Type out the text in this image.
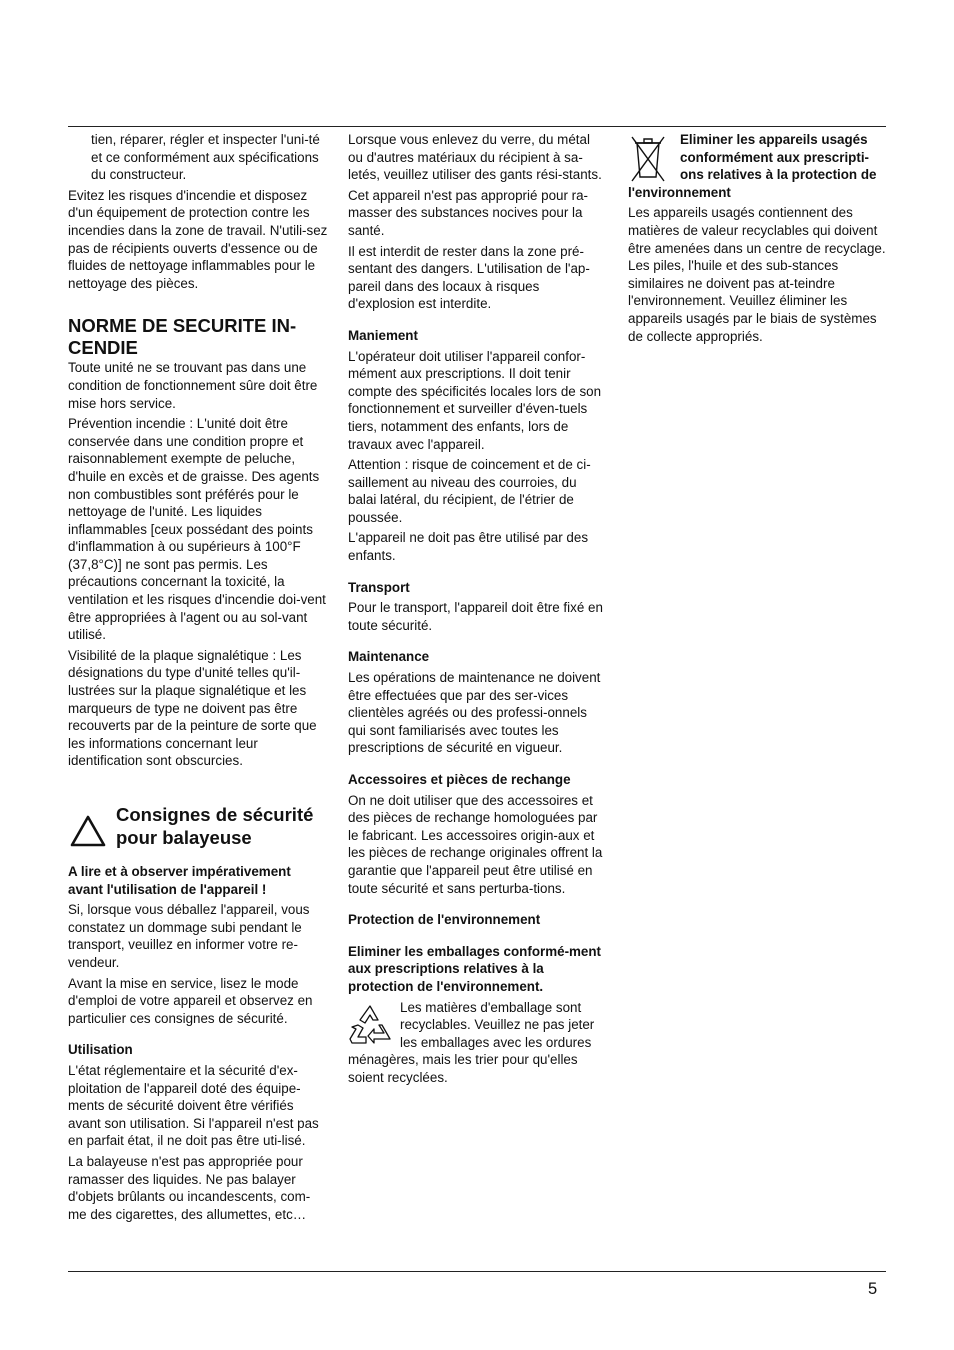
tien, réparer, régler et inspecter l'uni-té et ce conformément aux spécifications du constructeur.

Evitez les risques d'incendie et disposez d'un équipement de protection contre les incendies dans la zone de travail. N'utili-sez pas de récipients ouverts d'essence ou de fluides de nettoyage inflammables pour le nettoyage des pièces.

NORME DE SECURITE IN-CENDIE

Toute unité ne se trouvant pas dans une condition de fonctionnement sûre doit être mise hors service.

Prévention incendie : L'unité doit être conservée dans une condition propre et raisonnablement exempte de peluche, d'huile en excès et de graisse. Des agents non combustibles sont préférés pour le nettoyage de l'unité. Les liquides inflammables [ceux possédant des points d'inflammation à ou supérieurs à 100°F (37,8°C)] ne sont pas permis. Les précautions concernant la toxicité, la ventilation et les risques d'incendie doi-vent être appropriées à l'agent ou au sol-vant utilisé.

Visibilité de la plaque signalétique : Les désignations du type d'unité telles qu'il-lustrées sur la plaque signalétique et les marqueurs de type ne doivent pas être recouverts par de la peinture de sorte que les informations concernant leur identification sont obscurcies.

Consignes de sécurité pour balayeuse
A lire et à observer impérativement avant l'utilisation de l'appareil !

Si, lorsque vous déballez l'appareil, vous constatez un dommage subi pendant le transport, veuillez en informer votre re-vendeur.

Avant la mise en service, lisez le mode d'emploi de votre appareil et observez en particulier ces consignes de sécurité.

Utilisation

L'état réglementaire et la sécurité d'ex-ploitation de l'appareil doté des équipe-ments de sécurité doivent être vérifiés avant son utilisation. Si l'appareil n'est pas en parfait état, il ne doit pas être uti-lisé.

La balayeuse n'est pas appropriée pour ramasser des liquides. Ne pas balayer d'objets brûlants ou incandescents, com-me des cigarettes, des allumettes, etc…

Lorsque vous enlevez du verre, du métal ou d'autres matériaux du récipient à sa-letés, veuillez utiliser des gants rési-stants.

Cet appareil n'est pas approprié pour ra-masser des substances nocives pour la santé.

Il est interdit de rester dans la zone pré-sentant des dangers. L'utilisation de l'ap-pareil dans des locaux à risques d'explosion est interdite.

Maniement

L'opérateur doit utiliser l'appareil confor-mément aux prescriptions. Il doit tenir compte des spécificités locales lors de son fonctionnement et surveiller d'éven-tuels tiers, notamment des enfants, lors de travaux avec l'appareil.

Attention : risque de coincement et de ci-saillement au niveau des courroies, du balai latéral, du récipient, de l'étrier de poussée.

L'appareil ne doit pas être utilisé par des enfants.

Transport

Pour le transport, l'appareil doit être fixé en toute sécurité.

Maintenance

Les opérations de maintenance ne doivent être effectuées que par des ser-vices clientèles agréés ou des professi-onnels qui sont familiarisés avec toutes les prescriptions de sécurité en vigueur.

Accessoires et pièces de rechange

On ne doit utiliser que des accessoires et des pièces de rechange homologuées par le fabricant. Les accessoires origin-aux et les pièces de rechange originales offrent la garantie que l'appareil peut être utilisé en toute sécurité et sans perturba-tions.

Protection de l'environnement
Eliminer les emballages conformé-ment aux prescriptions relatives à la protection de l'environnement.

Les matières d'emballage sont recyclables. Veuillez ne pas jeter les emballages avec les ordures ménagères, mais les trier pour qu'elles soient recyclées.

Eliminer les appareils usagés conformément aux prescripti-ons relatives à la protection de l'environnement

Les appareils usagés contiennent des matières de valeur recyclables qui doivent être amenées dans un centre de recyclage. Les piles, l'huile et des sub-stances similaires ne doivent pas at-teindre l'environnement. Veuillez éliminer les appareils usagés par le biais de systèmes de collecte appropriés.

5
